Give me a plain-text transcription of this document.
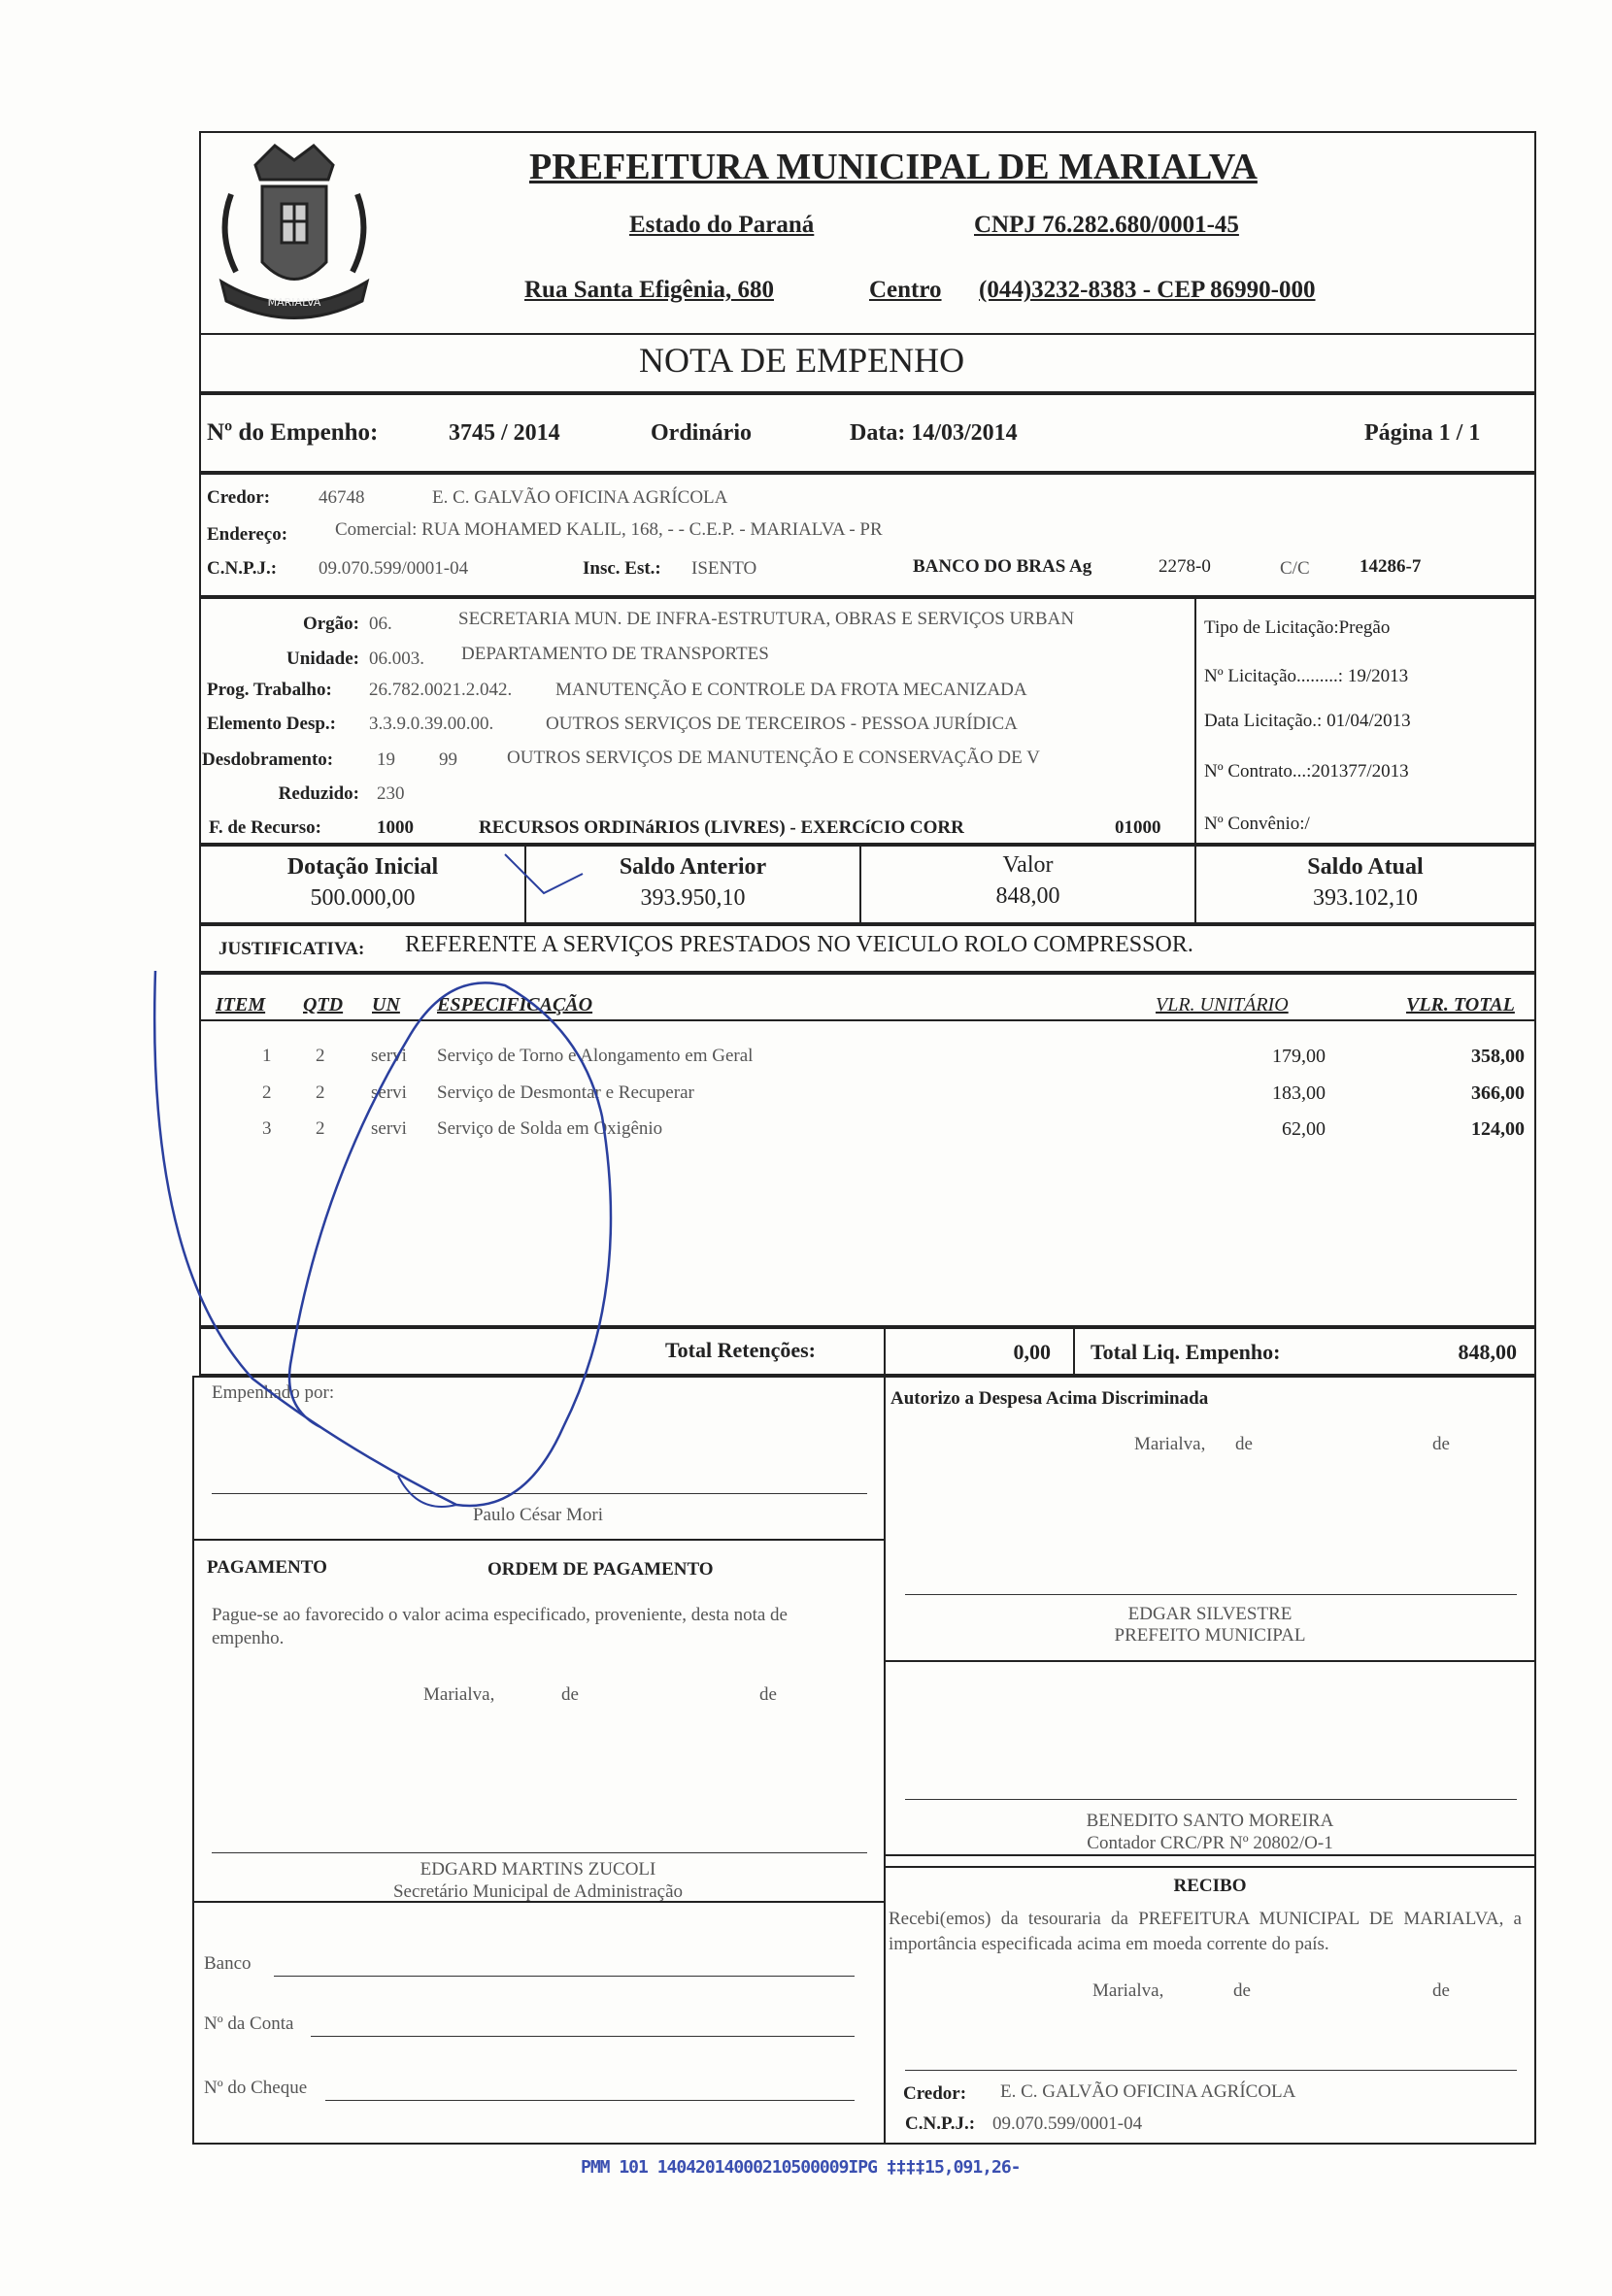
MARIALVA
PREFEITURA MUNICIPAL DE MARIALVA
Estado do Paraná	CNPJ 76.282.680/0001-45
Rua Santa Efigênia, 680	Centro (044)3232-8383 - CEP 86990-000
NOTA DE EMPENHO
Nº do Empenho:	3745 / 2014	Ordinário	Data: 14/03/2014	Página 1 / 1
Credor:	46748	E. C. GALVÃO OFICINA AGRÍCOLA
Endereço:	Comercial: RUA MOHAMED KALIL, 168, - - C.E.P. - MARIALVA - PR
C.N.P.J.: 09.070.599/0001-04	Insc. Est.: ISENTO	BANCO DO BRAS Ag	2278-0	C/C	14286-7
Orgão: 06.	SECRETARIA MUN. DE INFRA-ESTRUTURA, OBRAS E SERVIÇOS URBAN
Unidade: 06.003. DEPARTAMENTO DE TRANSPORTES
Prog. Trabalho: 26.782.0021.2.042. MANUTENÇÃO E CONTROLE DA FROTA MECANIZADA
Elemento Desp.: 3.3.9.0.39.00.00.	OUTROS SERVIÇOS DE TERCEIROS - PESSOA JURÍDICA
Desdobramento: 19 99	OUTROS SERVIÇOS DE MANUTENÇÃO E CONSERVAÇÃO DE V
Reduzido: 230
F. de Recurso:	1000	RECURSOS ORDINáRIOS (LIVRES) - EXERCíCIO CORR	01000
Tipo de Licitação:Pregão
Nº Licitação.........: 19/2013
Data Licitação.: 01/04/2013
Nº Contrato...:201377/2013
Nº Convênio:/
Dotação Inicial
500.000,00
Saldo Anterior
393.950,10
Valor
848,00
Saldo Atual
393.102,10
JUSTIFICATIVA: REFERENTE A SERVIÇOS PRESTADOS NO VEICULO ROLO COMPRESSOR.
ITEM QTD UN ESPECIFICAÇÃO	VLR. UNITÁRIO	VLR. TOTAL
1 2	servi Serviço de Torno e Alongamento em Geral	179,00	358,00
2 2	servi Serviço de Desmontar e Recuperar	183,00	366,00
3 2	servi Serviço de Solda em Oxigênio	62,00	124,00
Total Retenções:	0,00 Total Liq. Empenho:	848,00
Empenhado por:
Paulo César Mori
Autorizo a Despesa Acima Discriminada
Marialva, de	de
EDGAR SILVESTRE
PREFEITO MUNICIPAL
PAGAMENTO	ORDEM DE PAGAMENTO
Pague-se ao favorecido o valor acima especificado, proveniente, desta nota de empenho.
Marialva,	de	de
EDGARD MARTINS ZUCOLI
Secretário Municipal de Administração
BENEDITO SANTO MOREIRA
Contador CRC/PR Nº 20802/O-1
RECIBO
Recebi(emos) da tesouraria da PREFEITURA MUNICIPAL DE MARIALVA, a importância especificada acima em moeda corrente do país.
Marialva,	de	de
Credor: E. C. GALVÃO OFICINA AGRÍCOLA
C.N.P.J.: 09.070.599/0001-04
Banco
Nº da Conta
Nº do Cheque
PMM 101 14042014000210500009IPG ‡‡‡‡15,091,26-
